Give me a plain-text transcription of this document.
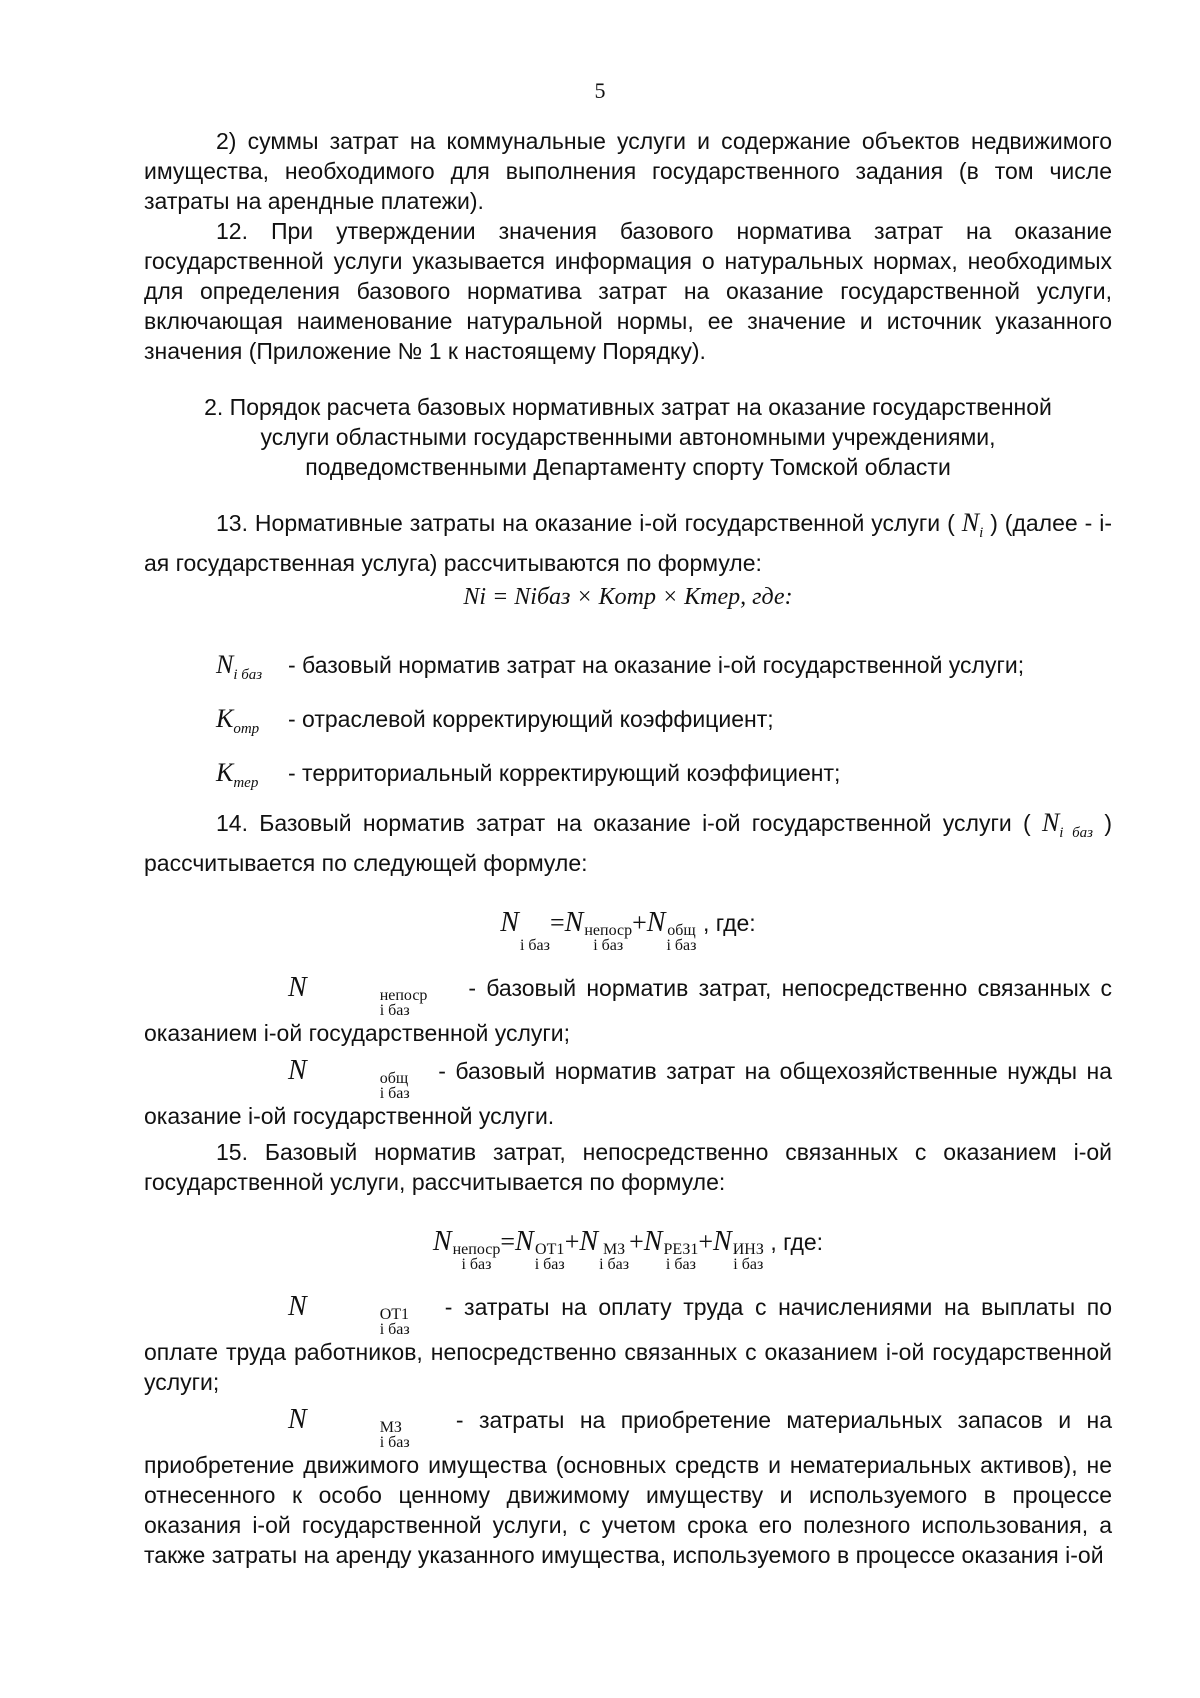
5

2) суммы затрат на коммунальные услуги и содержание объектов недвижимого имущества, необходимого для выполнения государственного задания (в том числе затраты на арендные платежи).

12. При утверждении значения базового норматива затрат на оказание государственной услуги указывается информация о натуральных нормах, необходимых для определения базового норматива затрат на оказание государственной услуги, включающая наименование натуральной нормы, ее значение и источник указанного значения (Приложение № 1 к настоящему Порядку).

2. Порядок расчета базовых нормативных затрат на оказание государственной
услуги областными государственными автономными учреждениями,
подведомственными Департаменту спорту Томской области

13. Нормативные затраты на оказание i-ой государственной услуги ( $N_i$ ) (далее - i-ая государственная услуга) рассчитываются по формуле:

Ni = Niбаз × Kотр × Kтер, где:
$N_{i баз}$	- базовый норматив затрат на оказание i-ой государственной услуги;
$K_{отр}$	- отраслевой корректирующий коэффициент;
$K_{тер}$	- территориальный корректирующий коэффициент;

14. Базовый норматив затрат на оказание i-ой государственной услуги ( $N_{i баз}$ ) рассчитывается по следующей формуле:

N

i баз
=N непоср
i баз
+N общ
i баз
, где:

N	непоср
i баз
- базовый норматив затрат, непосредственно связанных с оказанием i-ой государственной услуги;

N	общ
i баз
- базовый норматив затрат на общехозяйственные нужды на оказание i-ой государственной услуги.

15. Базовый норматив затрат, непосредственно связанных с оказанием i-ой государственной услуги, рассчитывается по формуле:

N непоср
i баз
=N ОТ1
i баз
+N МЗ
i баз
+N РЕЗ1
i баз
+N ИНЗ
i баз
, где:

N	ОТ1
i баз
- затраты на оплату труда с начислениями на выплаты по оплате труда работников, непосредственно связанных с оказанием i-ой государственной услуги;

N	МЗ
i баз
- затраты на приобретение материальных запасов и на приобретение движимого имущества (основных средств и нематериальных активов), не отнесенного к особо ценному движимому имуществу и используемого в процессе оказания i-ой государственной услуги, с учетом срока его полезного использования, а также затраты на аренду указанного имущества, используемого в процессе оказания i-ой
